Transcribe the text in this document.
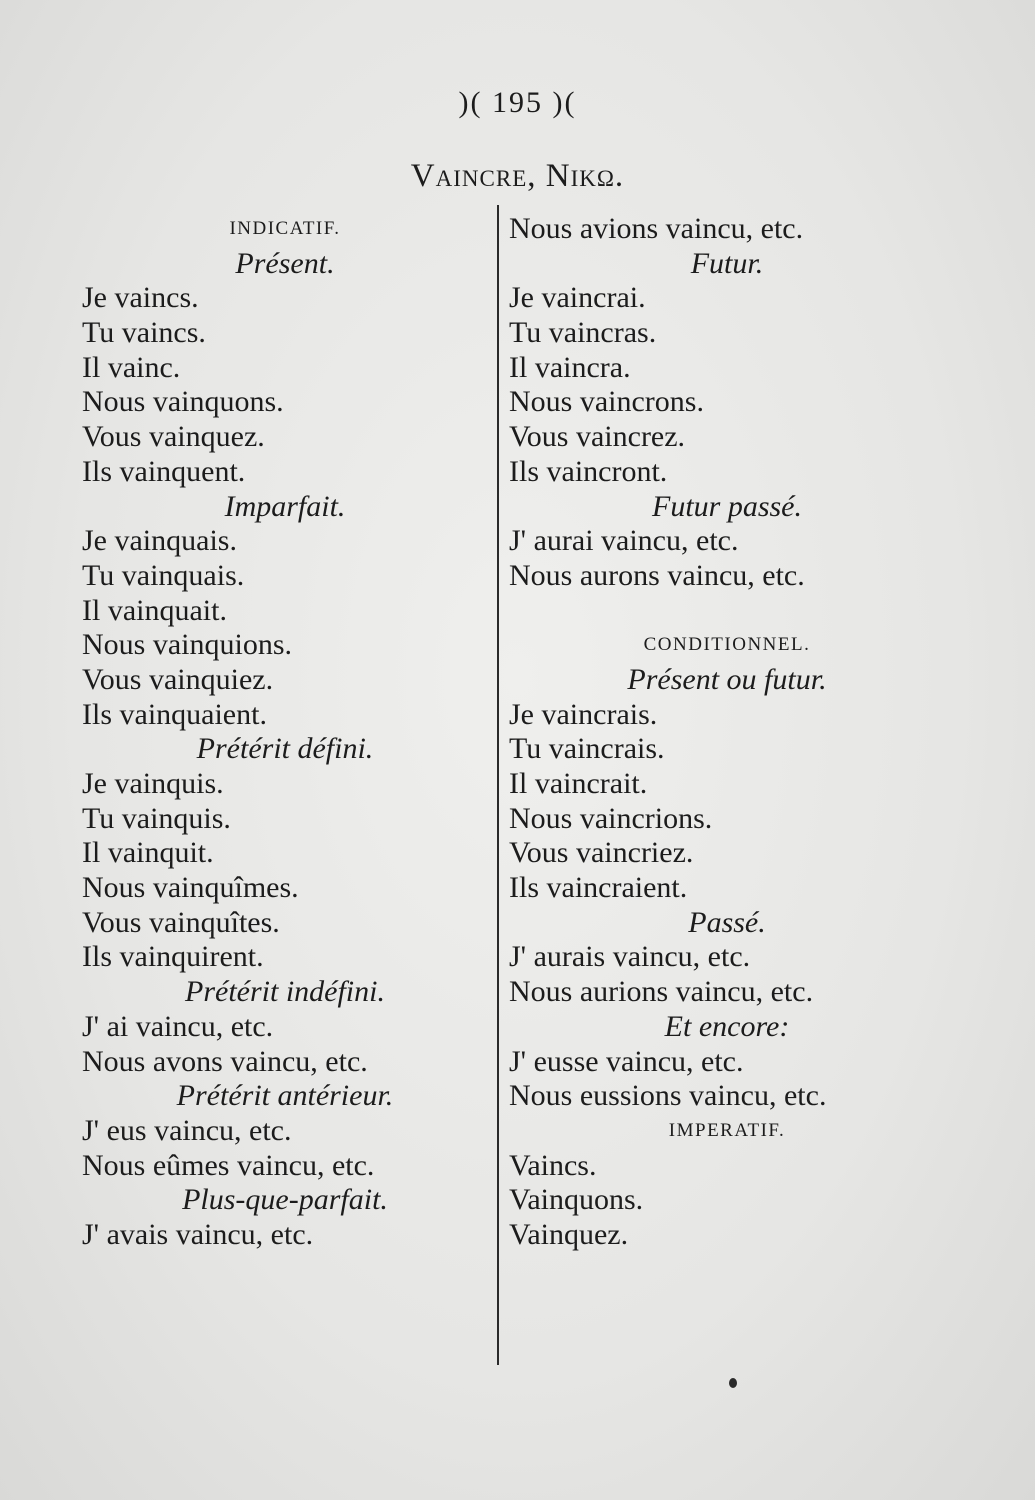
)( 195 )(
Vaincre, Nikω.
INDICATIF.
Présent.
Je vaincs.
Tu vaincs.
Il vainc.
Nous vainquons.
Vous vainquez.
Ils vainquent.
Imparfait.
Je vainquais.
Tu vainquais.
Il vainquait.
Nous vainquions.
Vous vainquiez.
Ils vainquaient.
Prétérit défini.
Je vainquis.
Tu vainquis.
Il vainquit.
Nous vainquîmes.
Vous vainquîtes.
Ils vainquirent.
Prétérit indéfini.
J' ai vaincu, etc.
Nous avons vaincu, etc.
Prétérit antérieur.
J' eus vaincu, etc.
Nous eûmes vaincu, etc.
Plus-que-parfait.
J' avais vaincu, etc.
Nous avions vaincu, etc.
Futur.
Je vaincrai.
Tu vaincras.
Il vaincra.
Nous vaincrons.
Vous vaincrez.
Ils vaincront.
Futur passé.
J' aurai vaincu, etc.
Nous aurons vaincu, etc.
CONDITIONNEL.
Présent ou futur.
Je vaincrais.
Tu vaincrais.
Il vaincrait.
Nous vaincrions.
Vous vaincriez.
Ils vaincraient.
Passé.
J' aurais vaincu, etc.
Nous aurions vaincu, etc.
Et encore:
J' eusse vaincu, etc.
Nous eussions vaincu, etc.
IMPERATIF.
Vaincs.
Vainquons.
Vainquez.
